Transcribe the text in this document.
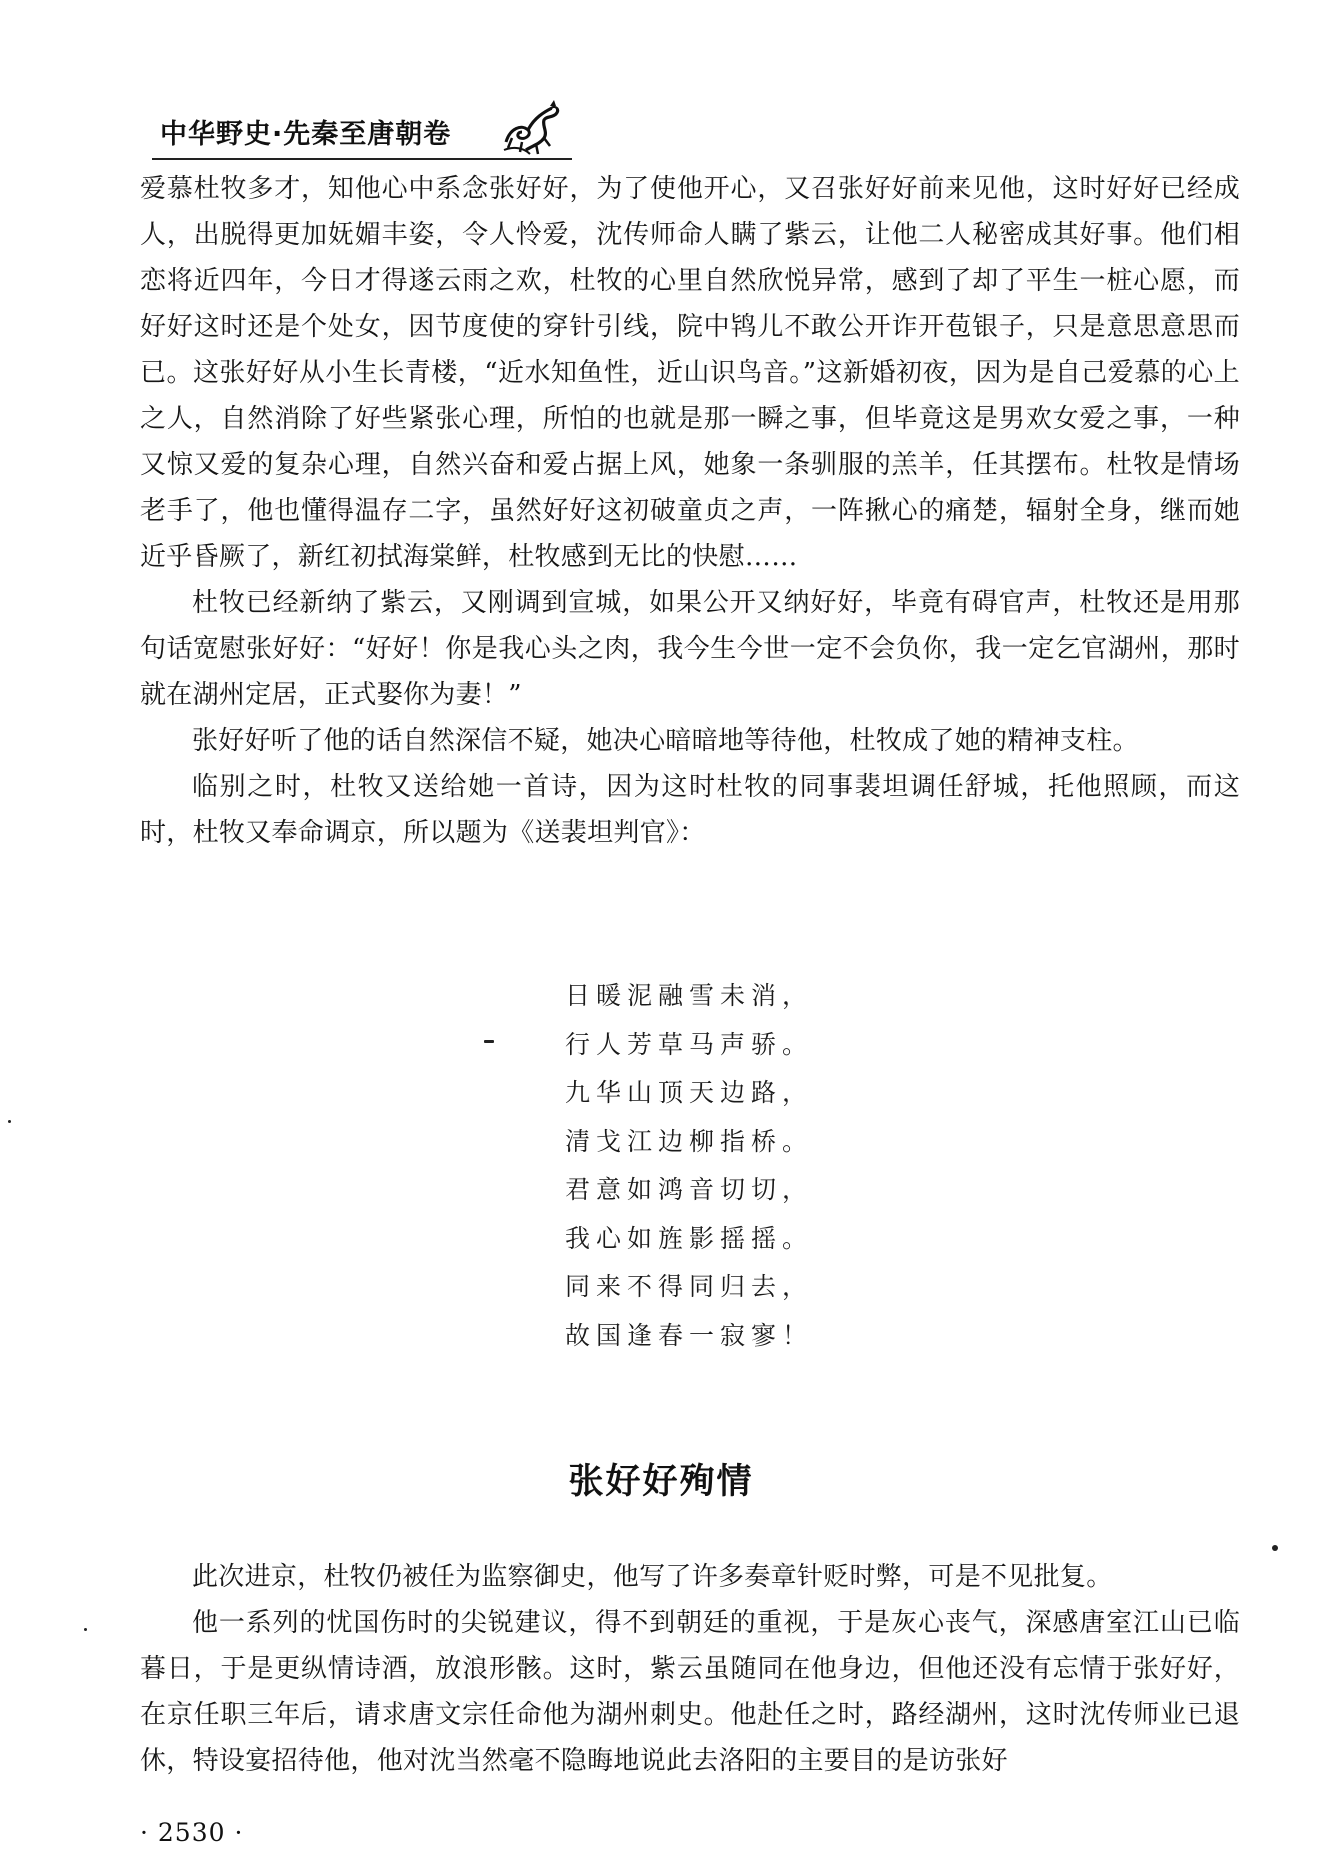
中华野史·先秦至唐朝卷

爱慕杜牧多才，知他心中系念张好好，为了使他开心，又召张好好前来见他，这时好好已经成人，出脱得更加妩媚丰姿，令人怜爱，沈传师命人瞒了紫云，让他二人秘密成其好事。他们相恋将近四年，今日才得遂云雨之欢，杜牧的心里自然欣悦异常，感到了却了平生一桩心愿，而好好这时还是个处女，因节度使的穿针引线，院中鸨儿不敢公开诈开苞银子，只是意思意思而已。这张好好从小生长青楼，“近水知鱼性，近山识鸟音。”这新婚初夜，因为是自己爱慕的心上之人，自然消除了好些紧张心理，所怕的也就是那一瞬之事，但毕竟这是男欢女爱之事，一种又惊又爱的复杂心理，自然兴奋和爱占据上风，她象一条驯服的羔羊，任其摆布。杜牧是情场老手了，他也懂得温存二字，虽然好好这初破童贞之声，一阵揪心的痛楚，辐射全身，继而她近乎昏厥了，新红初拭海棠鲜，杜牧感到无比的快慰……

杜牧已经新纳了紫云，又刚调到宣城，如果公开又纳好好，毕竟有碍官声，杜牧还是用那句话宽慰张好好：“好好！你是我心头之肉，我今生今世一定不会负你，我一定乞官湖州，那时就在湖州定居，正式娶你为妻！”

张好好听了他的话自然深信不疑，她决心暗暗地等待他，杜牧成了她的精神支柱。

临别之时，杜牧又送给她一首诗，因为这时杜牧的同事裴坦调任舒城，托他照顾，而这时，杜牧又奉命调京，所以题为《送裴坦判官》：

日暖泥融雪未消，
行人芳草马声骄。
九华山顶天边路，
清戈江边柳指桥。
君意如鸿音切切，
我心如旌影摇摇。
同来不得同归去，
故国逢春一寂寥！
张好好殉情

此次进京，杜牧仍被任为监察御史，他写了许多奏章针贬时弊，可是不见批复。

他一系列的忧国伤时的尖锐建议，得不到朝廷的重视，于是灰心丧气，深感唐室江山已临暮日，于是更纵情诗酒，放浪形骸。这时，紫云虽随同在他身边，但他还没有忘情于张好好，在京任职三年后，请求唐文宗任命他为湖州刺史。他赴任之时，路经湖州，这时沈传师业已退休，特设宴招待他，他对沈当然毫不隐晦地说此去洛阳的主要目的是访张好

· 2530 ·
